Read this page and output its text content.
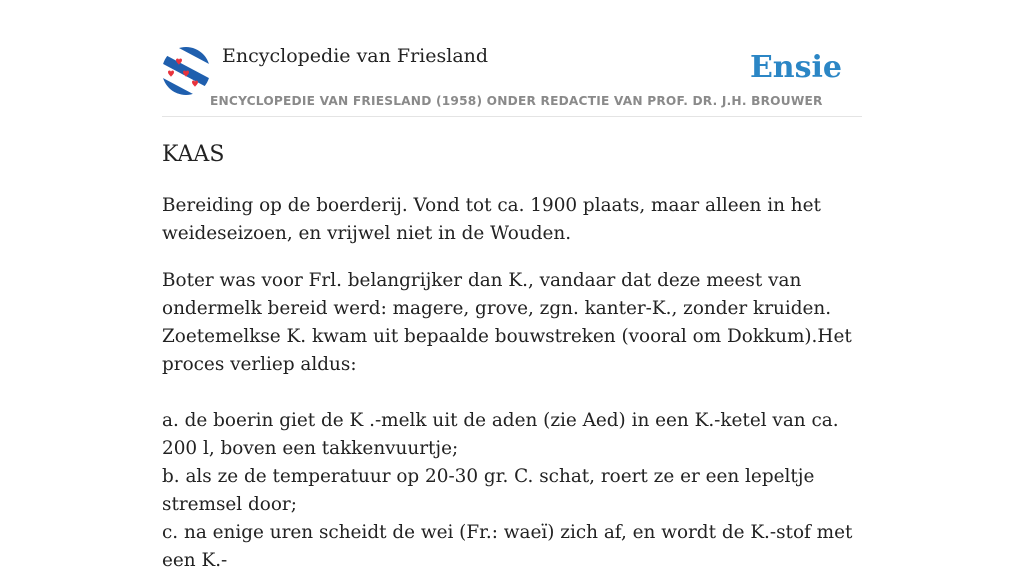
Encyclopedie van Friesland
ENCYCLOPEDIE VAN FRIESLAND (1958) ONDER REDACTIE VAN PROF. DR. J.H. BROUWER
Ensie
KAAS

Bereiding op de boerderij. Vond tot ca. 1900 plaats, maar alleen in het weideseizoen, en vrijwel niet in de Wouden.

Boter was voor Frl. belangrijker dan K., vandaar dat deze meest van ondermelk bereid werd: magere, grove, zgn. kanter-K., zonder kruiden. Zoetemelkse K. kwam uit bepaalde bouwstreken (vooral om Dokkum).Het proces verliep aldus:

a. de boerin giet de K .-melk uit de aden (zie Aed) in een K.-ketel van ca. 200 l, boven een takkenvuurtje;
b. als ze de temperatuur op 20-30 gr. C. schat, roert ze er een lepeltje stremsel door;
c. na enige uren scheidt de wei (Fr.: waeï) zich af, en wordt de K.-stof met een K.-
